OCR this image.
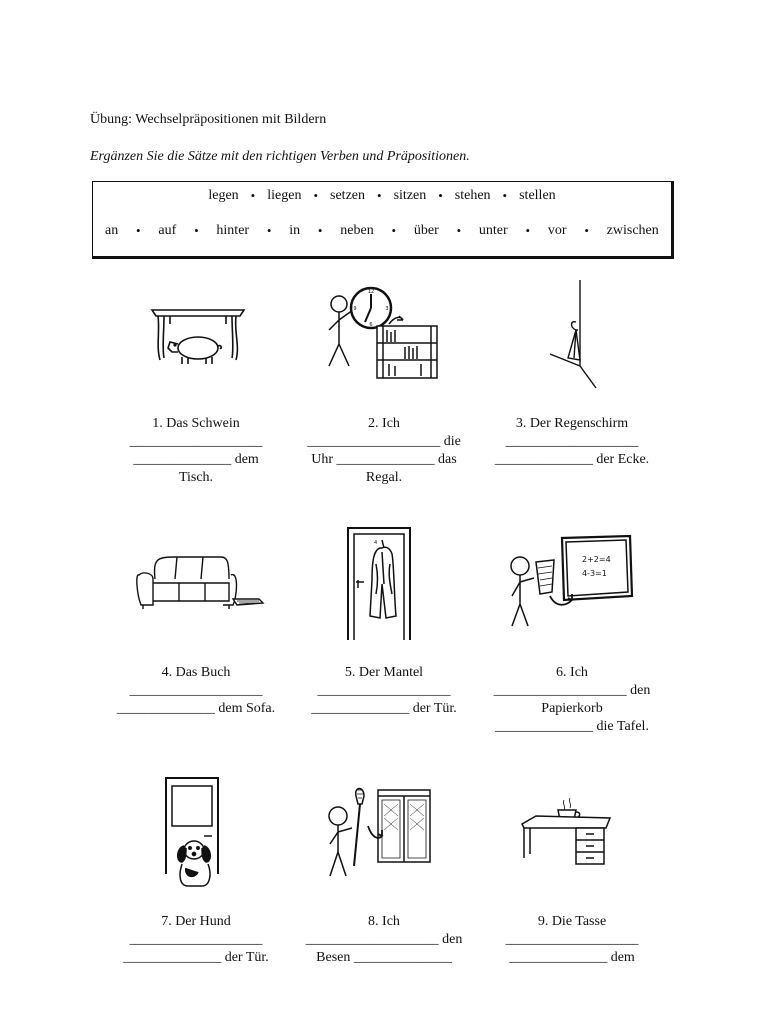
Übung: Wechselpräpositionen mit Bildern
Ergänzen Sie die Sätze mit den richtigen Verben und Präpositionen.
legen • liegen • setzen • sitzen • stehen • stellen
an • auf • hinter • in • neben • über • unter • vor • zwischen
12
3
6
9
4
2+2=4
4-3=1
1. Das Schwein
___________________
______________ dem
Tisch.
2. Ich
___________________ die
Uhr ______________ das
Regal.
3. Der Regenschirm
___________________
______________ der Ecke.
4. Das Buch
___________________
______________ dem Sofa.
5. Der Mantel
___________________
______________ der Tür.
6. Ich
___________________ den
Papierkorb
______________ die Tafel.
7. Der Hund
___________________
______________ der Tür.
8. Ich
___________________ den
Besen ______________
9. Die Tasse
___________________
______________ dem
